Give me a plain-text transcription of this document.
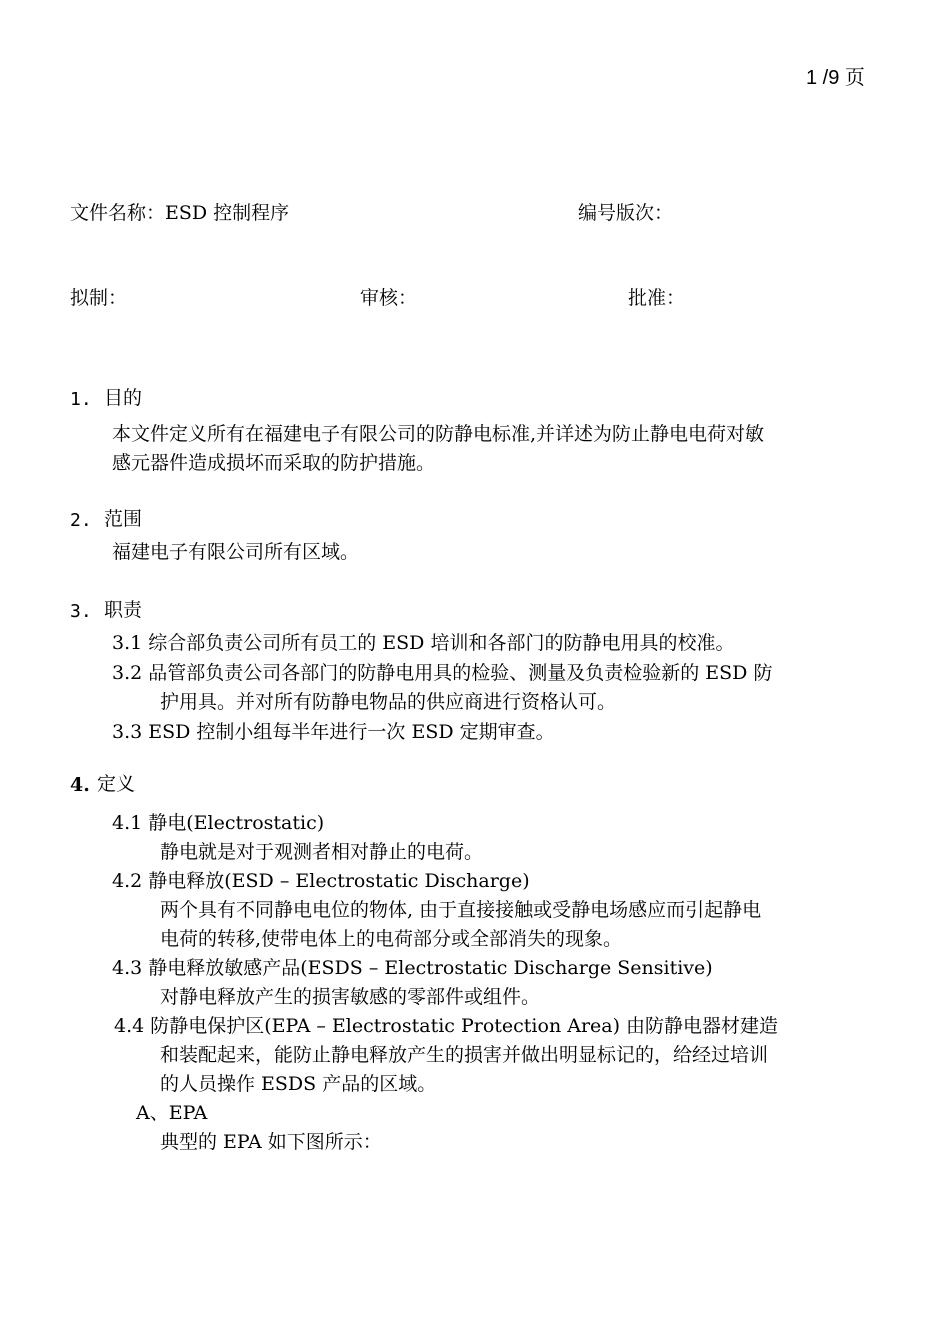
1 /9 页
文件名称：ESD 控制程序	编号版次：
拟制：	审核：	批准：
1. 目的
本文件定义所有在福建电子有限公司的防静电标准,并详述为防止静电电荷对敏
感元器件造成损坏而采取的防护措施。
2. 范围
福建电子有限公司所有区域。
3. 职责
3.1 综合部负责公司所有员工的 ESD 培训和各部门的防静电用具的校准。
3.2 品管部负责公司各部门的防静电用具的检验、测量及负责检验新的 ESD 防
护用具。并对所有防静电物品的供应商进行资格认可。
3.3 ESD 控制小组每半年进行一次 ESD 定期审查。
4. 定义
4.1 静电(Electrostatic)
静电就是对于观测者相对静止的电荷。
4.2 静电释放(ESD – Electrostatic Discharge)
两个具有不同静电电位的物体, 由于直接接触或受静电场感应而引起静电
电荷的转移,使带电体上的电荷部分或全部消失的现象。
4.3 静电释放敏感产品(ESDS – Electrostatic Discharge Sensitive)
对静电释放产生的损害敏感的零部件或组件。
4.4 防静电保护区(EPA – Electrostatic Protection Area) 由防静电器材建造
和装配起来，能防止静电释放产生的损害并做出明显标记的，给经过培训
的人员操作 ESDS 产品的区域。
A、EPA
典型的 EPA 如下图所示：
